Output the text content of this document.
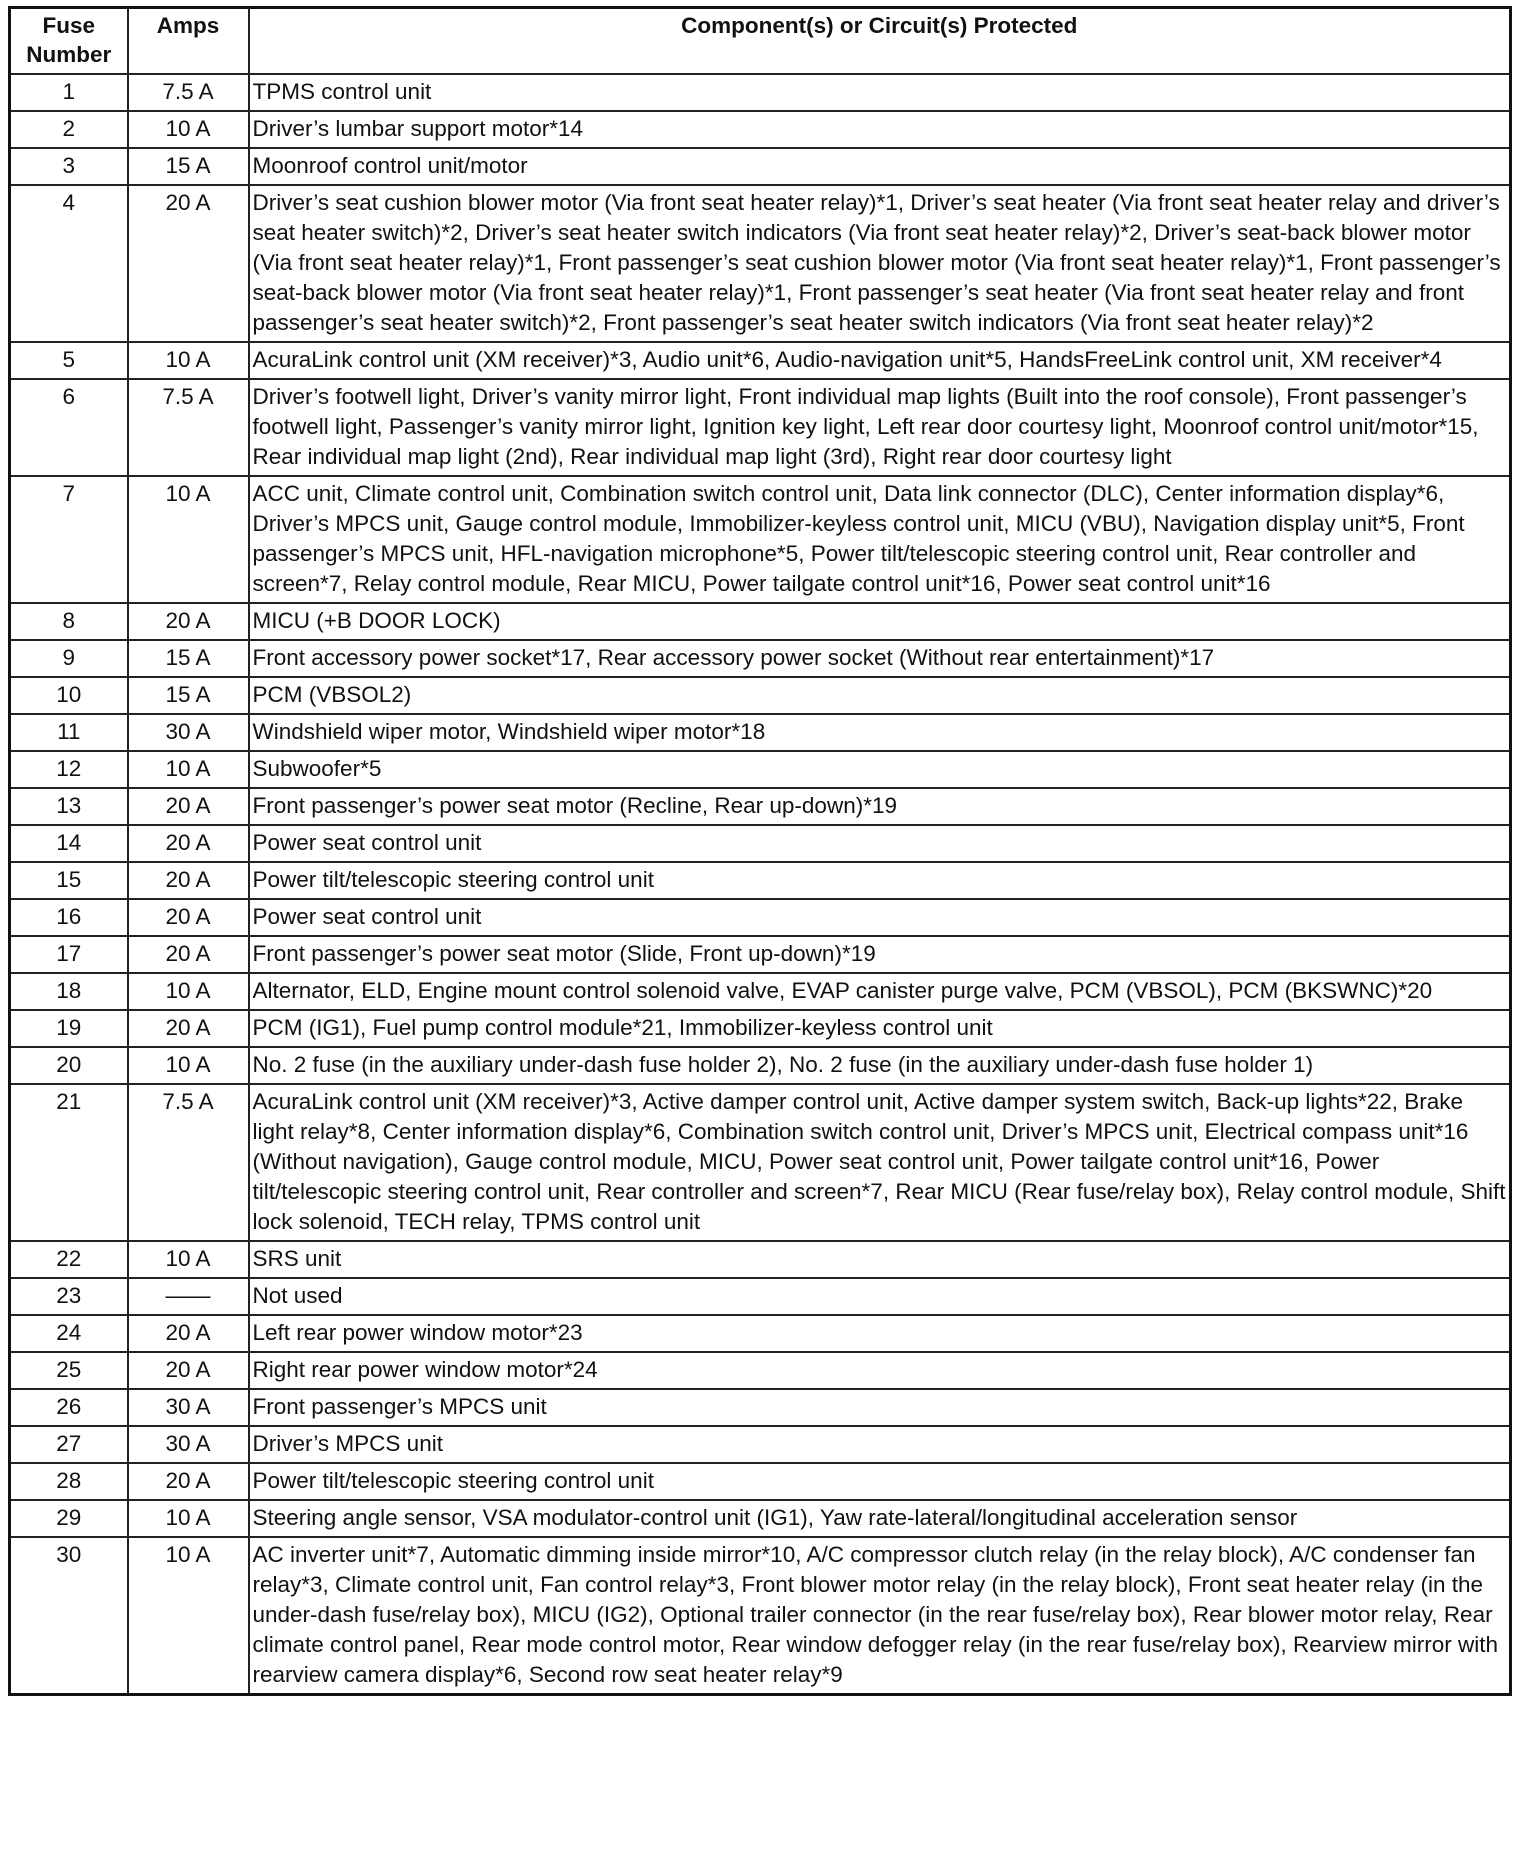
Fuse
Number	Amps	Component(s) or Circuit(s) Protected
1	7.5 A	TPMS control unit
2	10 A	Driver’s lumbar support motor*14
3	15 A	Moonroof control unit/motor
4	20 A	Driver’s seat cushion blower motor (Via front seat heater relay)*1, Driver’s seat heater (Via front seat heater relay and driver’s seat heater switch)*2, Driver’s seat heater switch indicators (Via front seat heater relay)*2, Driver’s seat-back blower motor (Via front seat heater relay)*1, Front passenger’s seat cushion blower motor (Via front seat heater relay)*1, Front passenger’s seat-back blower motor (Via front seat heater relay)*1, Front passenger’s seat heater (Via front seat heater relay and front passenger’s seat heater switch)*2, Front passenger’s seat heater switch indicators (Via front seat heater relay)*2
5	10 A	AcuraLink control unit (XM receiver)*3, Audio unit*6, Audio-navigation unit*5, HandsFreeLink control unit, XM receiver*4
6	7.5 A	Driver’s footwell light, Driver’s vanity mirror light, Front individual map lights (Built into the roof console), Front passenger’s footwell light, Passenger’s vanity mirror light, Ignition key light, Left rear door courtesy light, Moonroof control unit/motor*15, Rear individual map light (2nd), Rear individual map light (3rd), Right rear door courtesy light
7	10 A	ACC unit, Climate control unit, Combination switch control unit, Data link connector (DLC), Center information display*6, Driver’s MPCS unit, Gauge control module, Immobilizer-keyless control unit, MICU (VBU), Navigation display unit*5, Front passenger’s MPCS unit, HFL-navigation microphone*5, Power tilt/telescopic steering control unit, Rear controller and screen*7, Relay control module, Rear MICU, Power tailgate control unit*16, Power seat control unit*16
8	20 A	MICU (+B DOOR LOCK)
9	15 A	Front accessory power socket*17, Rear accessory power socket (Without rear entertainment)*17
10	15 A	PCM (VBSOL2)
11	30 A	Windshield wiper motor, Windshield wiper motor*18
12	10 A	Subwoofer*5
13	20 A	Front passenger’s power seat motor (Recline, Rear up-down)*19
14	20 A	Power seat control unit
15	20 A	Power tilt/telescopic steering control unit
16	20 A	Power seat control unit
17	20 A	Front passenger’s power seat motor (Slide, Front up-down)*19
18	10 A	Alternator, ELD, Engine mount control solenoid valve, EVAP canister purge valve, PCM (VBSOL), PCM (BKSWNC)*20
19	20 A	PCM (IG1), Fuel pump control module*21, Immobilizer-keyless control unit
20	10 A	No. 2 fuse (in the auxiliary under-dash fuse holder 2), No. 2 fuse (in the auxiliary under-dash fuse holder 1)
21	7.5 A	AcuraLink control unit (XM receiver)*3, Active damper control unit, Active damper system switch, Back-up lights*22, Brake light relay*8, Center information display*6, Combination switch control unit, Driver’s MPCS unit, Electrical compass unit*16 (Without navigation), Gauge control module, MICU, Power seat control unit, Power tailgate control unit*16, Power tilt/telescopic steering control unit, Rear controller and screen*7, Rear MICU (Rear fuse/relay box), Relay control module, Shift lock solenoid, TECH relay, TPMS control unit
22	10 A	SRS unit
23	——	Not used
24	20 A	Left rear power window motor*23
25	20 A	Right rear power window motor*24
26	30 A	Front passenger’s MPCS unit
27	30 A	Driver’s MPCS unit
28	20 A	Power tilt/telescopic steering control unit
29	10 A	Steering angle sensor, VSA modulator-control unit (IG1), Yaw rate-lateral/longitudinal acceleration sensor
30	10 A	AC inverter unit*7, Automatic dimming inside mirror*10, A/C compressor clutch relay (in the relay block), A/C condenser fan relay*3, Climate control unit, Fan control relay*3, Front blower motor relay (in the relay block), Front seat heater relay (in the under-dash fuse/relay box), MICU (IG2), Optional trailer connector (in the rear fuse/relay box), Rear blower motor relay, Rear climate control panel, Rear mode control motor, Rear window defogger relay (in the rear fuse/relay box), Rearview mirror with rearview camera display*6, Second row seat heater relay*9
